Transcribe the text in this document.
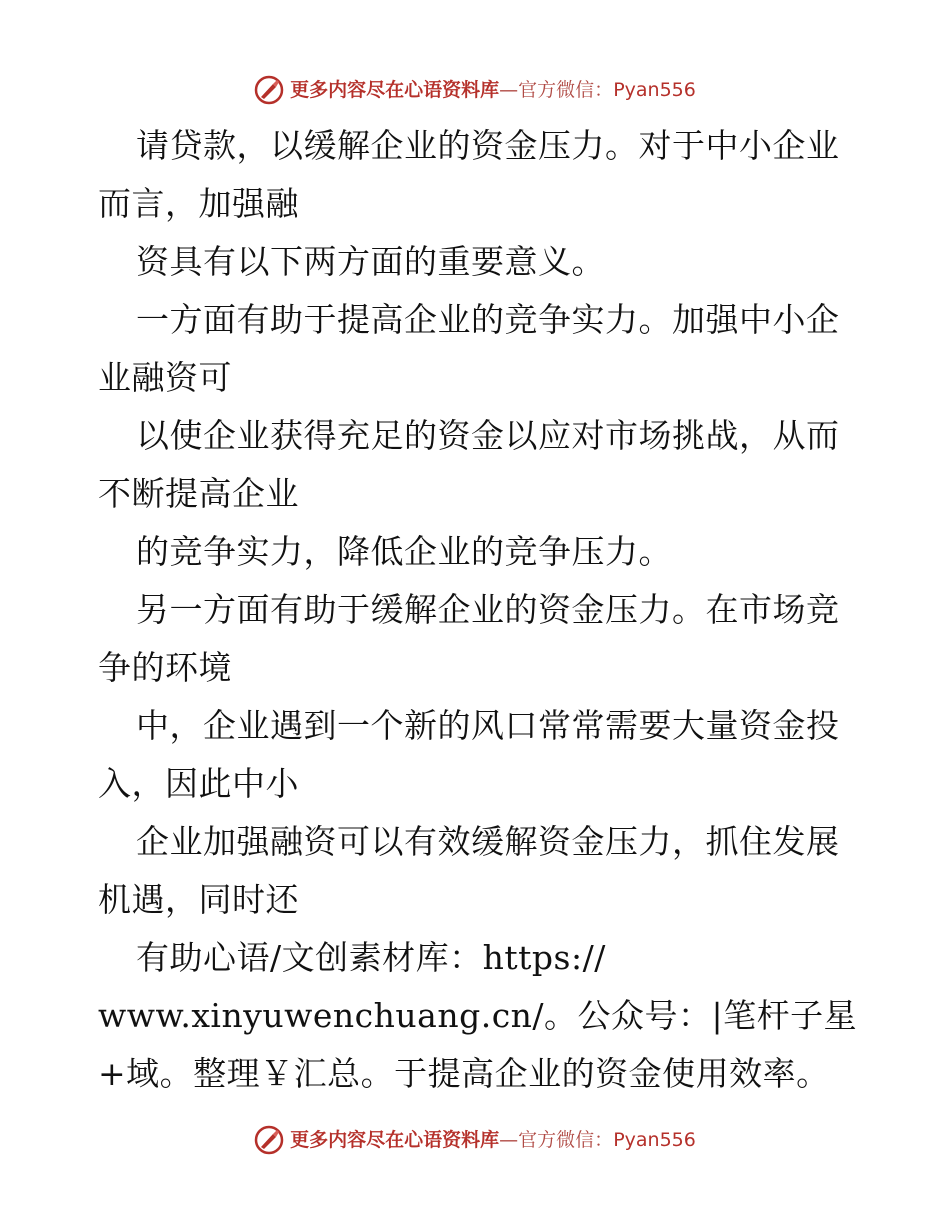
更多内容尽在心语资料库—官方微信：Pyan556
请贷款，以缓解企业的资金压力。对于中小企业
而言，加强融
资具有以下两方面的重要意义。
一方面有助于提高企业的竞争实力。加强中小企
业融资可
以使企业获得充足的资金以应对市场挑战，从而
不断提高企业
的竞争实力，降低企业的竞争压力。
另一方面有助于缓解企业的资金压力。在市场竞
争的环境
中，企业遇到一个新的风口常常需要大量资金投
入，因此中小
企业加强融资可以有效缓解资金压力，抓住发展
机遇，同时还
有助心语/文创素材库：https://
www.xinyuwenchuang.cn/。公众号：|笔杆子星
+域。整理￥汇总。于提高企业的资金使用效率。
更多内容尽在心语资料库—官方微信：Pyan556
